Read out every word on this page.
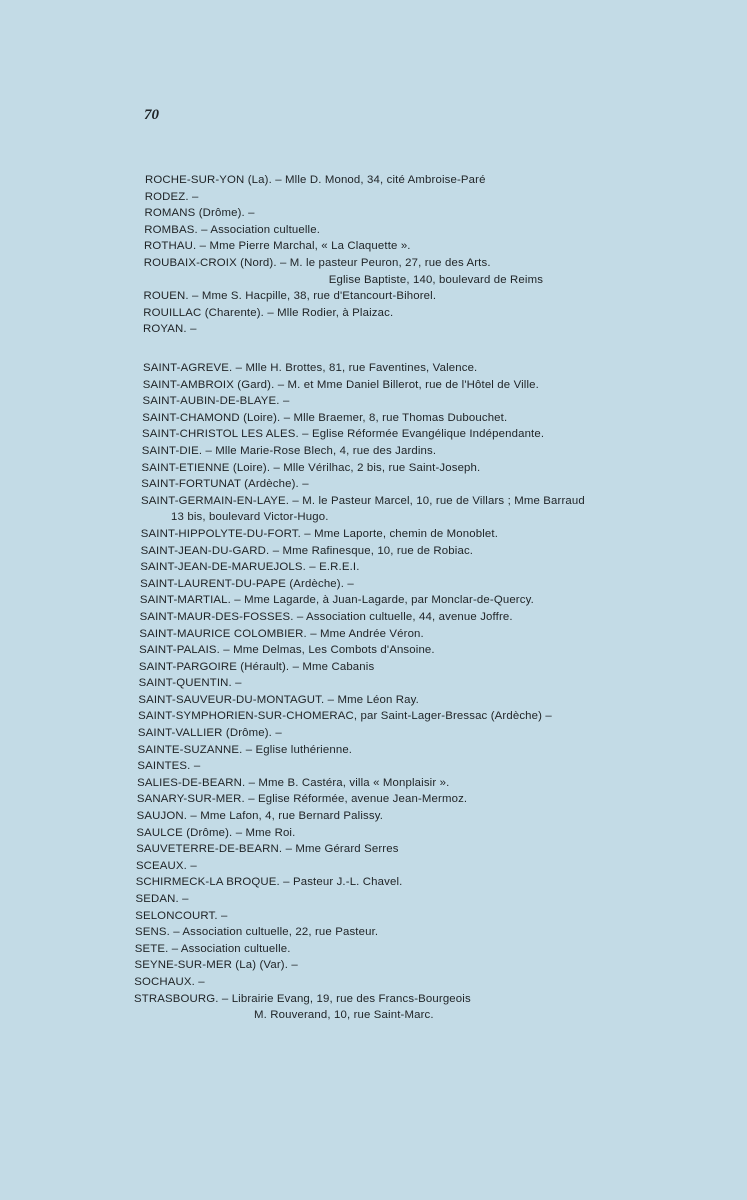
70
ROCHE-SUR-YON (La). – Mlle D. Monod, 34, cité Ambroise-Paré
RODEZ. –
ROMANS (Drôme). –
ROMBAS. – Association cultuelle.
ROTHAU. – Mme Pierre Marchal, « La Claquette ».
ROUBAIX-CROIX (Nord). – M. le pasteur Peuron, 27, rue des Arts.
Eglise Baptiste, 140, boulevard de Reims
ROUEN. – Mme S. Hacpille, 38, rue d'Etancourt-Bihorel.
ROUILLAC (Charente). – Mlle Rodier, à Plaizac.
ROYAN. –
SAINT-AGREVE. – Mlle H. Brottes, 81, rue Faventines, Valence.
SAINT-AMBROIX (Gard). – M. et Mme Daniel Billerot, rue de l'Hôtel de Ville.
SAINT-AUBIN-DE-BLAYE. –
SAINT-CHAMOND (Loire). – Mlle Braemer, 8, rue Thomas Dubouchet.
SAINT-CHRISTOL LES ALES. – Eglise Réformée Evangélique Indépendante.
SAINT-DIE. – Mlle Marie-Rose Blech, 4, rue des Jardins.
SAINT-ETIENNE (Loire). – Mlle Vérilhac, 2 bis, rue Saint-Joseph.
SAINT-FORTUNAT (Ardèche). –
SAINT-GERMAIN-EN-LAYE. – M. le Pasteur Marcel, 10, rue de Villars ; Mme Barraud
13 bis, boulevard Victor-Hugo.
SAINT-HIPPOLYTE-DU-FORT. – Mme Laporte, chemin de Monoblet.
SAINT-JEAN-DU-GARD. – Mme Rafinesque, 10, rue de Robiac.
SAINT-JEAN-DE-MARUEJOLS. – E.R.E.I.
SAINT-LAURENT-DU-PAPE (Ardèche). –
SAINT-MARTIAL. – Mme Lagarde, à Juan-Lagarde, par Monclar-de-Quercy.
SAINT-MAUR-DES-FOSSES. – Association cultuelle, 44, avenue Joffre.
SAINT-MAURICE COLOMBIER. – Mme Andrée Véron.
SAINT-PALAIS. – Mme Delmas, Les Combots d'Ansoine.
SAINT-PARGOIRE (Hérault). – Mme Cabanis
SAINT-QUENTIN. –
SAINT-SAUVEUR-DU-MONTAGUT. – Mme Léon Ray.
SAINT-SYMPHORIEN-SUR-CHOMERAC, par Saint-Lager-Bressac (Ardèche) –
SAINT-VALLIER (Drôme). –
SAINTE-SUZANNE. – Eglise luthérienne.
SAINTES. –
SALIES-DE-BEARN. – Mme B. Castéra, villa « Monplaisir ».
SANARY-SUR-MER. – Eglise Réformée, avenue Jean-Mermoz.
SAUJON. – Mme Lafon, 4, rue Bernard Palissy.
SAULCE (Drôme). – Mme Roi.
SAUVETERRE-DE-BEARN. – Mme Gérard Serres
SCEAUX. –
SCHIRMECK-LA BROQUE. – Pasteur J.-L. Chavel.
SEDAN. –
SELONCOURT. –
SENS. – Association cultuelle, 22, rue Pasteur.
SETE. – Association cultuelle.
SEYNE-SUR-MER (La) (Var). –
SOCHAUX. –
STRASBOURG. – Librairie Evang, 19, rue des Francs-Bourgeois
M. Rouverand, 10, rue Saint-Marc.
